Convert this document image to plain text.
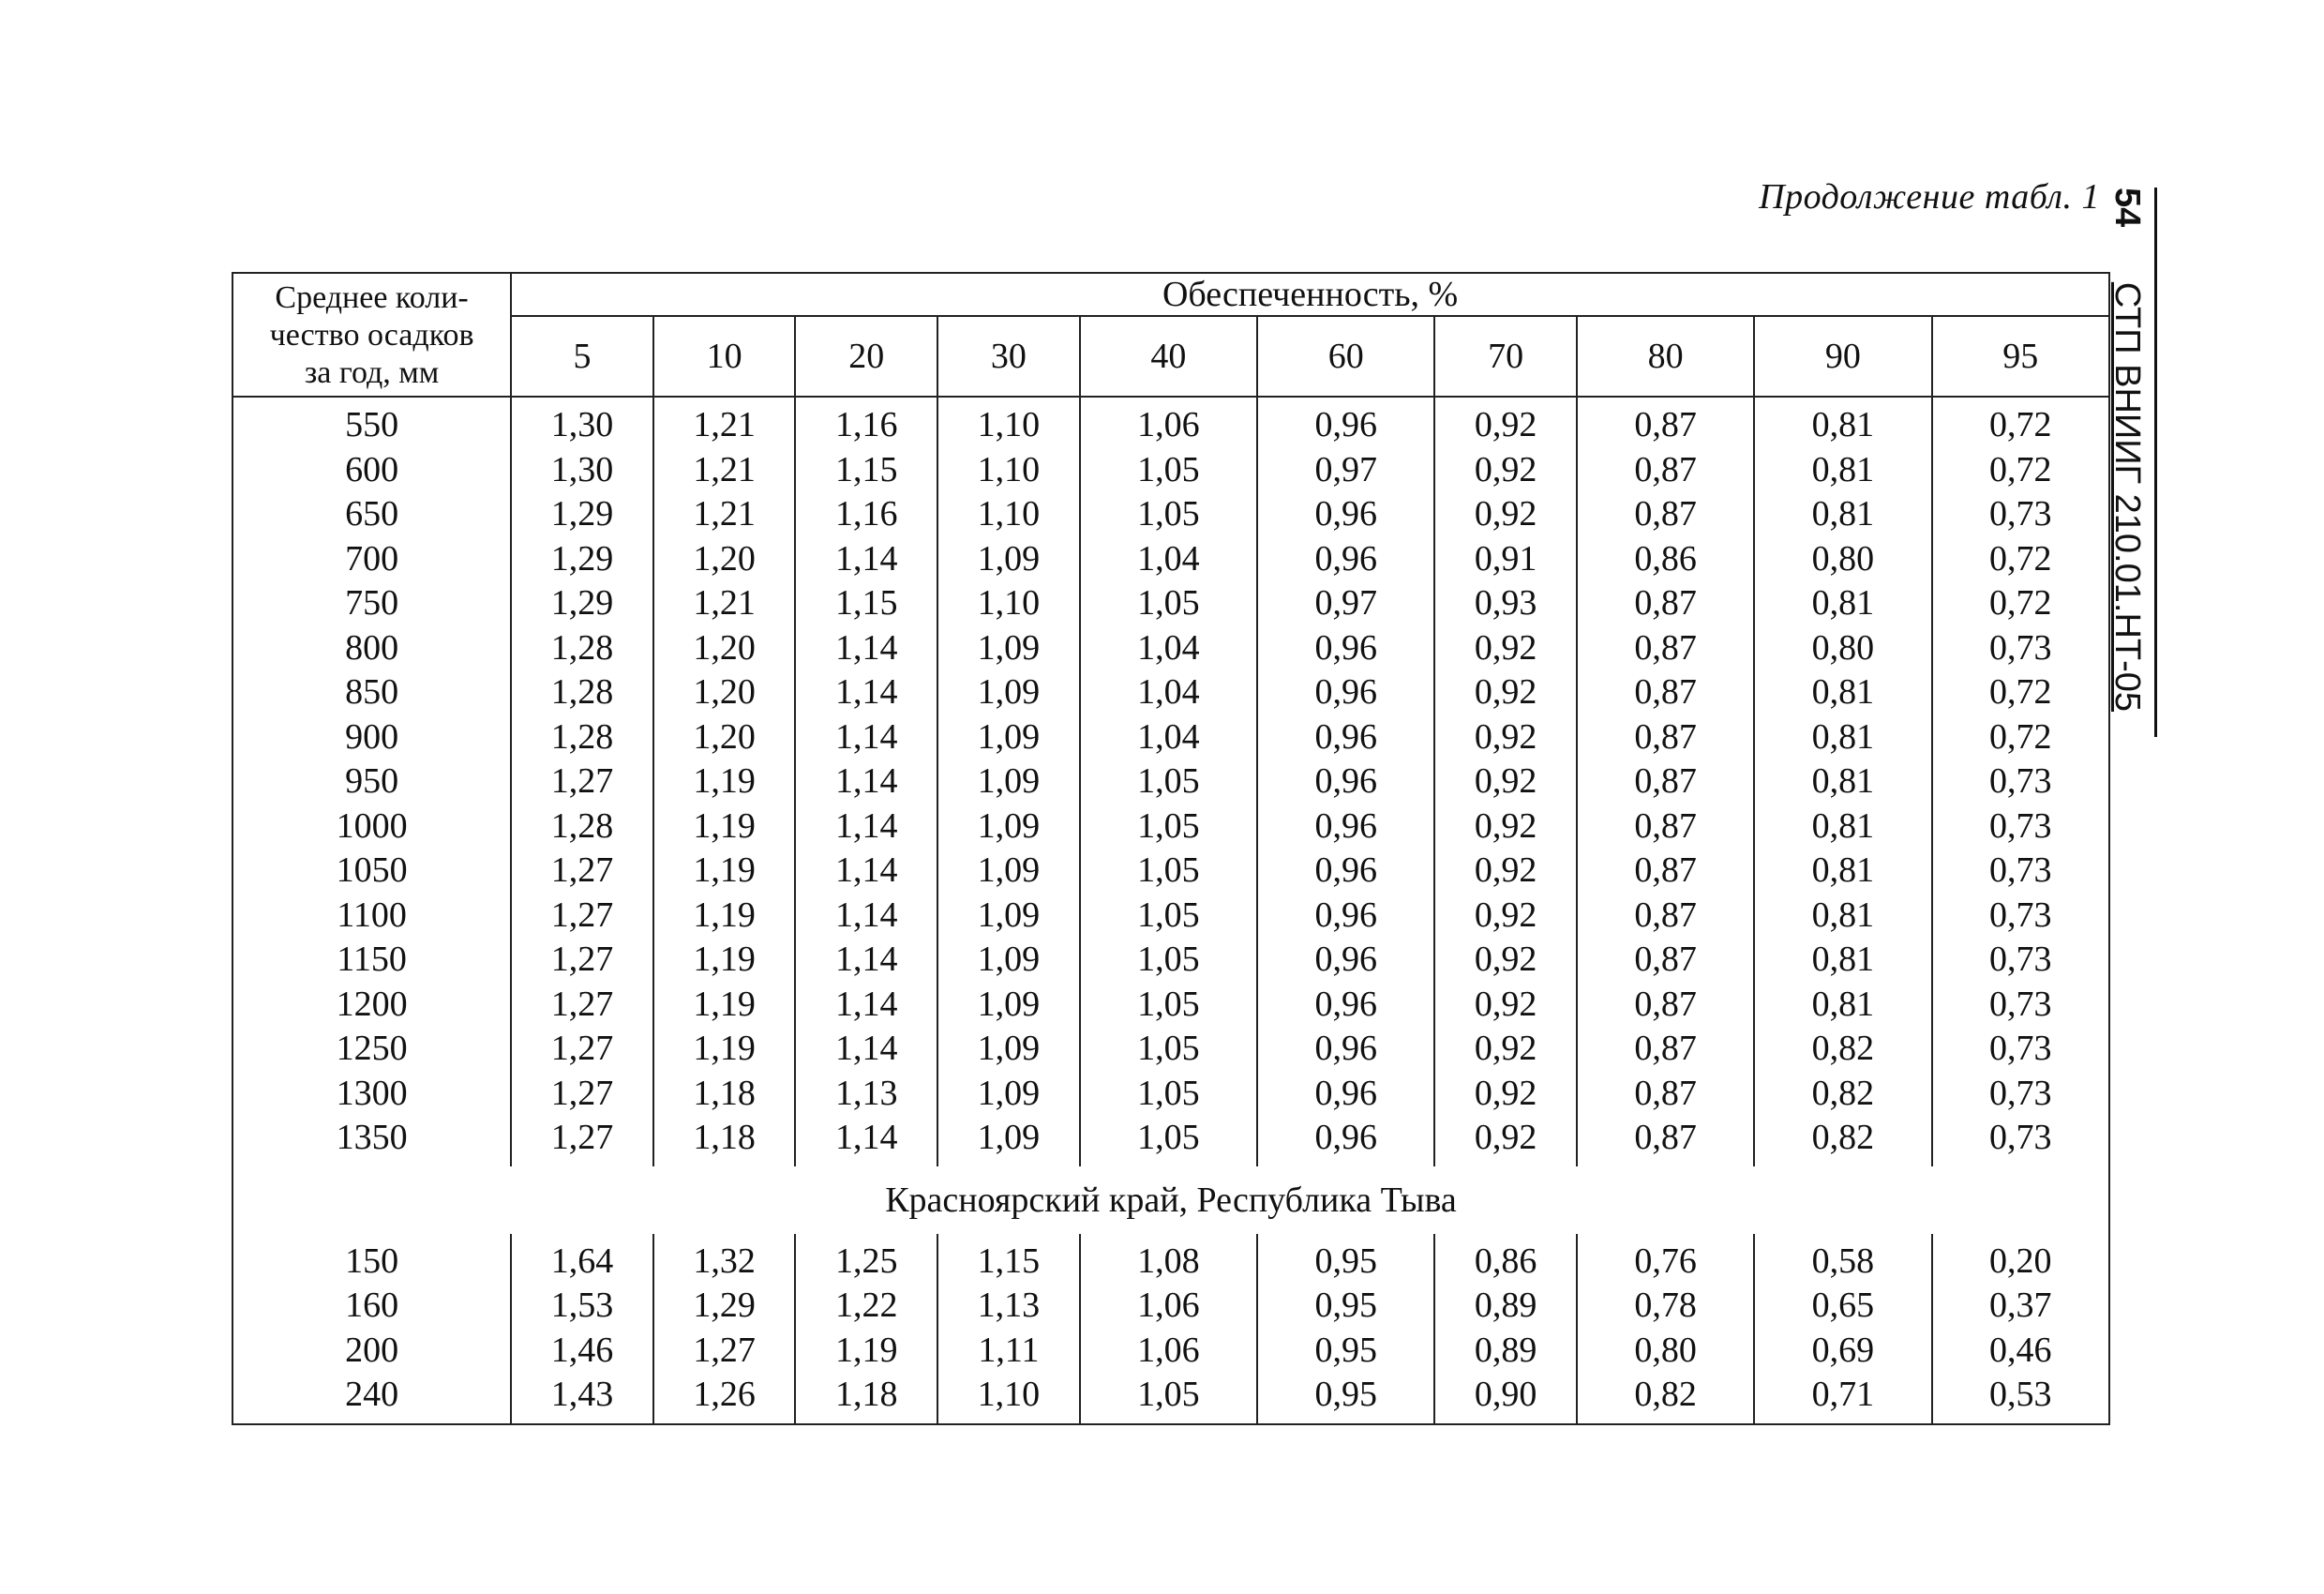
Продолжение табл. 1 54 СТП ВНИИГ 210.01.НТ-05
Среднее коли-
чество осадков
за год, мм	Обеспеченность, %									
	5	10	20	30	40	60	70	80	90	95
550	1,30	1,21	1,16	1,10	1,06	0,96	0,92	0,87	0,81	0,72
600	1,30	1,21	1,15	1,10	1,05	0,97	0,92	0,87	0,81	0,72
650	1,29	1,21	1,16	1,10	1,05	0,96	0,92	0,87	0,81	0,73
700	1,29	1,20	1,14	1,09	1,04	0,96	0,91	0,86	0,80	0,72
750	1,29	1,21	1,15	1,10	1,05	0,97	0,93	0,87	0,81	0,72
800	1,28	1,20	1,14	1,09	1,04	0,96	0,92	0,87	0,80	0,73
850	1,28	1,20	1,14	1,09	1,04	0,96	0,92	0,87	0,81	0,72
900	1,28	1,20	1,14	1,09	1,04	0,96	0,92	0,87	0,81	0,72
950	1,27	1,19	1,14	1,09	1,05	0,96	0,92	0,87	0,81	0,73
1000	1,28	1,19	1,14	1,09	1,05	0,96	0,92	0,87	0,81	0,73
1050	1,27	1,19	1,14	1,09	1,05	0,96	0,92	0,87	0,81	0,73
1100	1,27	1,19	1,14	1,09	1,05	0,96	0,92	0,87	0,81	0,73
1150	1,27	1,19	1,14	1,09	1,05	0,96	0,92	0,87	0,81	0,73
1200	1,27	1,19	1,14	1,09	1,05	0,96	0,92	0,87	0,81	0,73
1250	1,27	1,19	1,14	1,09	1,05	0,96	0,92	0,87	0,82	0,73
1300	1,27	1,18	1,13	1,09	1,05	0,96	0,92	0,87	0,82	0,73
1350	1,27	1,18	1,14	1,09	1,05	0,96	0,92	0,87	0,82	0,73
Красноярский край, Республика Тыва										
150	1,64	1,32	1,25	1,15	1,08	0,95	0,86	0,76	0,58	0,20
160	1,53	1,29	1,22	1,13	1,06	0,95	0,89	0,78	0,65	0,37
200	1,46	1,27	1,19	1,11	1,06	0,95	0,89	0,80	0,69	0,46
240	1,43	1,26	1,18	1,10	1,05	0,95	0,90	0,82	0,71	0,53
